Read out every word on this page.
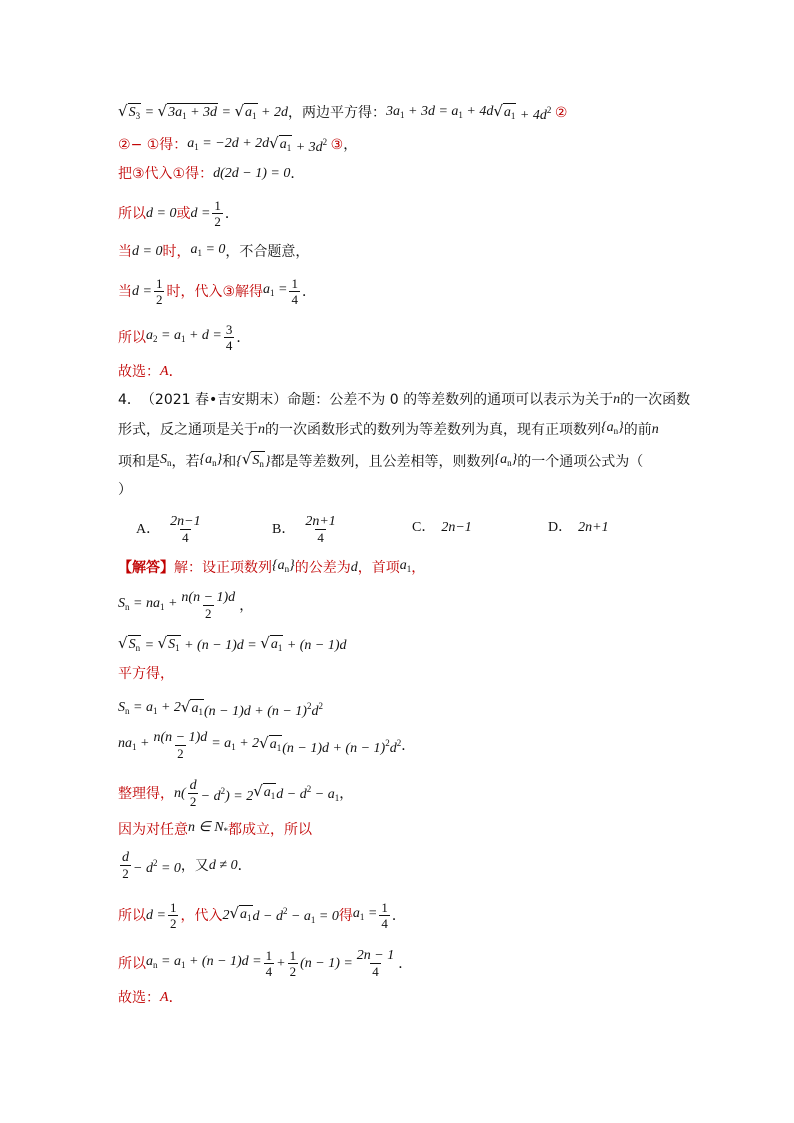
√ $S_3$ = √ $3a_1 + 3d$ = √ $a_1 + 2d$ ，两边平方得： $3a_1 + 3d = a_1 + 4d$ √ $a_1 + 4d^2$ ②
② − ①得： $a_1 = -2d + 2d$ √ $a_1 + 3d^2$ ③ ，
把③代入①得： d(2d − 1) = 0 ．
所以 d = 0 或 $d = \frac{1}{2}$ ．
当 d = 0 时， $a_1 = 0$ ，不合题意，
当 $d = \frac{1}{2}$ 时，代入③解得 $a_1 = \frac{1}{4}$ ．
所以 $a_2 = a_1 + d = \frac{3}{4}$ ．
故选： A ．
4． （2021 春•吉安期末） 命题：公差不为 0 的等差数列的通项可以表示为关于 n 的一次函数
形式，反之通项是关于 n 的一次函数形式的数列为等差数列为真，现有正项数列 $\{a_n\}$ 的前 n
项和是 $S_n$ ，若 $\{a_n\}$ 和 { √ $S_n$ } 都是等差数列，且公差相等，则数列 $\{a_n\}$ 的一个通项公式为（
）
A． $\frac{2n-1}{4}$	B． $\frac{2n+1}{4}$	C． 2n−1	D． 2n+1
【解答】 解：设正项数列 $\{a_n\}$ 的公差为 d ，首项 $a_1$ ，
$S_n = na_1 + \frac{n(n - 1)d}{2}$ ，
√ $S_n$ = √ $S_1 + (n - 1)d$ = √ $a_1 + (n - 1)d$
平方得，
$S_n = a_1 + 2$ √ $a_1$ $(n - 1)d + (n - 1)^2d^2$
$na_1 + \frac{n(n - 1)d}{2} = a_1 + 2$ √ $a_1$ $(n - 1)d + (n - 1)^2d^2$ ．
整理得， $n( \frac{d}{2} - d^2) = 2$ √ $a_1$ $d - d^2 - a_1$ ，
因为对任意 n ∈ $N_*$ 都成立，所以
$\frac{d}{2} - d^2 = 0$ ，又 d ≠ 0 ．
所以 $d = \frac{1}{2}$ ，代入 2 √ $a_1$ $d - d^2 - a_1 = 0$ 得 $a_1 = \frac{1}{4}$ ．
所以 $a_n = a_1 + (n - 1)d = \frac{1}{4} + \frac{1}{2} (n - 1) = \frac{2n - 1}{4}$ ．
故选： A ．
